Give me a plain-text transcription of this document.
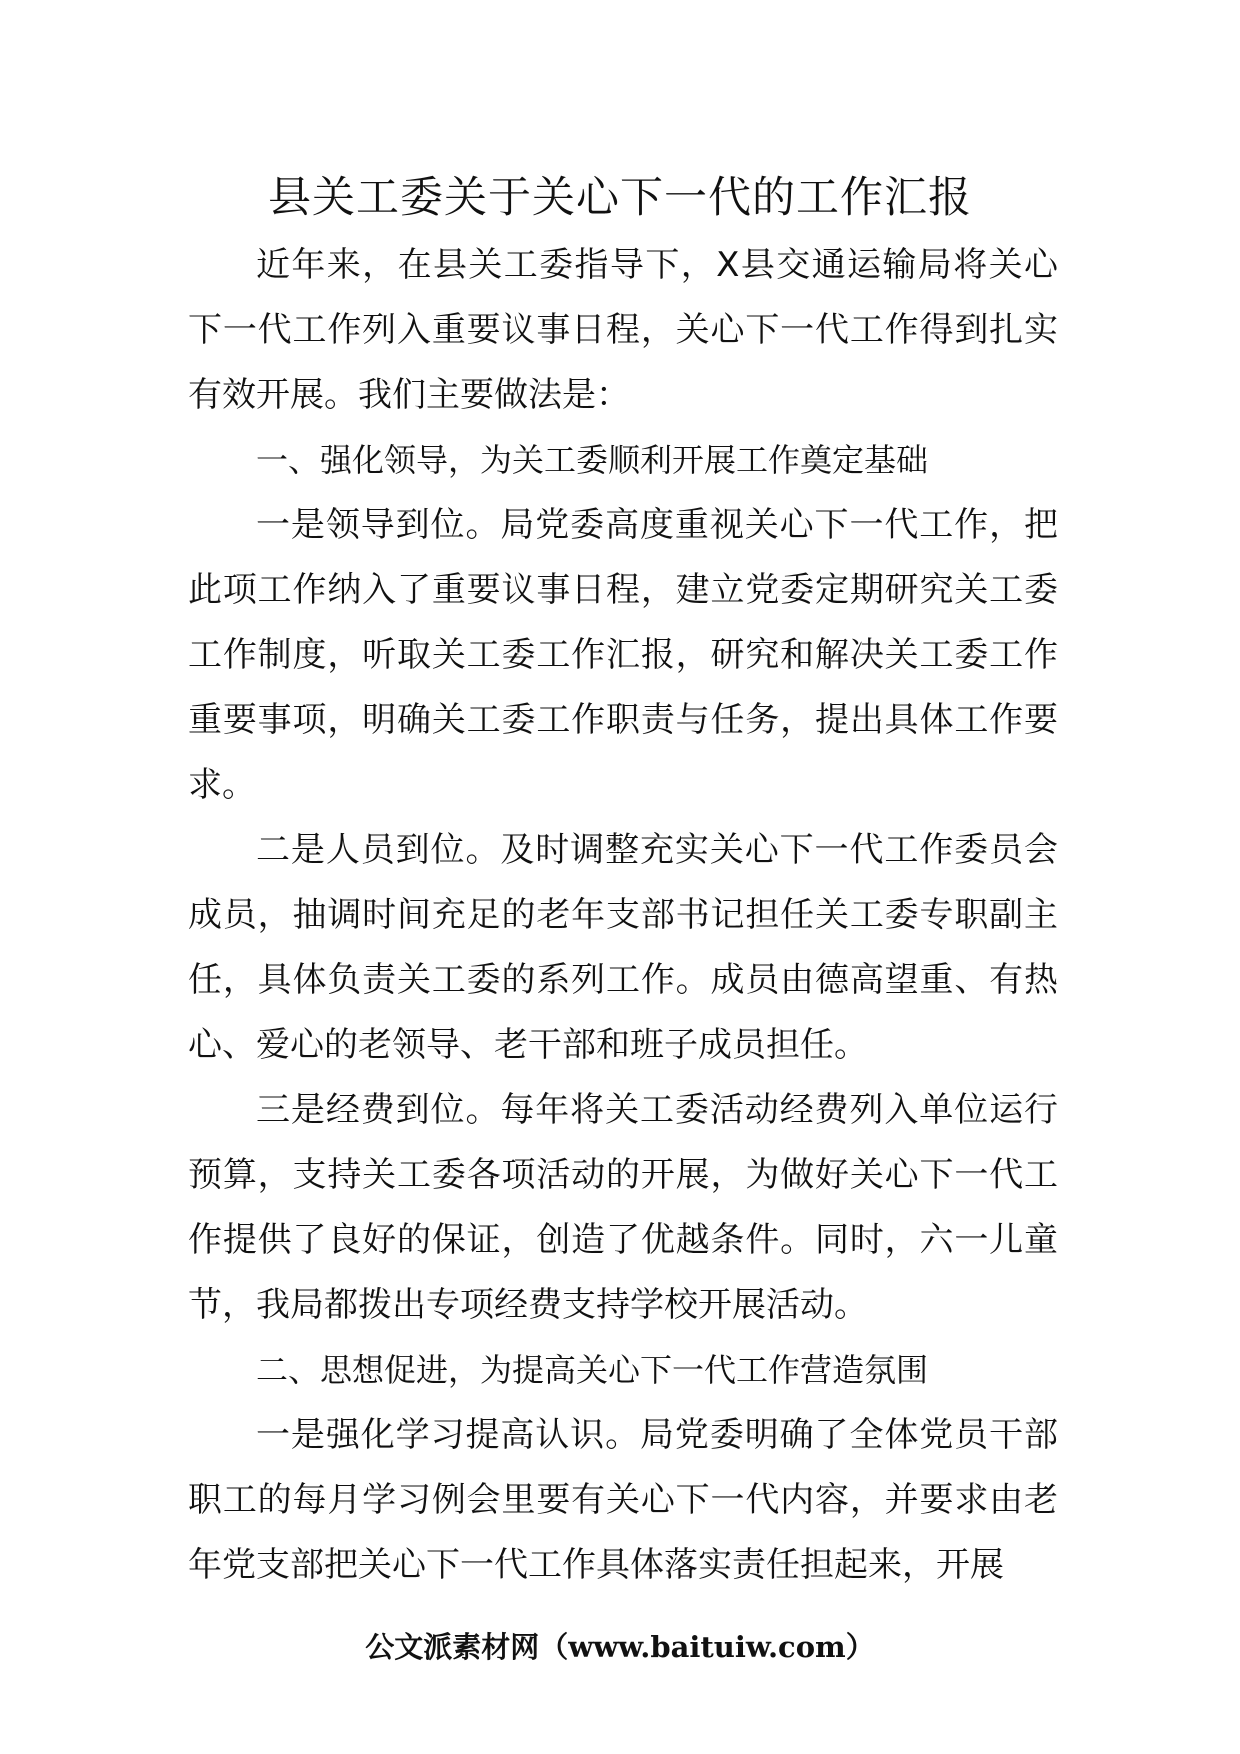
县关工委关于关心下一代的工作汇报

近年来，在县关工委指导下，X县交通运输局将关心下一代工作列入重要议事日程，关心下一代工作得到扎实有效开展。我们主要做法是：

一、强化领导，为关工委顺利开展工作奠定基础

一是领导到位。局党委高度重视关心下一代工作，把此项工作纳入了重要议事日程，建立党委定期研究关工委工作制度，听取关工委工作汇报，研究和解决关工委工作重要事项，明确关工委工作职责与任务，提出具体工作要求。

二是人员到位。及时调整充实关心下一代工作委员会成员，抽调时间充足的老年支部书记担任关工委专职副主任，具体负责关工委的系列工作。成员由德高望重、有热心、爱心的老领导、老干部和班子成员担任。

三是经费到位。每年将关工委活动经费列入单位运行预算，支持关工委各项活动的开展，为做好关心下一代工作提供了良好的保证，创造了优越条件。同时，六一儿童节，我局都拨出专项经费支持学校开展活动。

二、思想促进，为提高关心下一代工作营造氛围

一是强化学习提高认识。局党委明确了全体党员干部职工的每月学习例会里要有关心下一代内容，并要求由老年党支部把关心下一代工作具体落实责任担起来，开展

公文派素材网（www.baituiw.com）
